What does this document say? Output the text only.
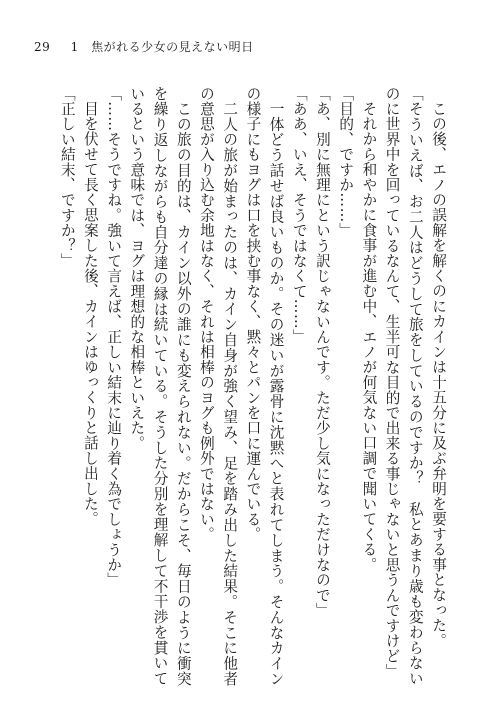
29 1 焦がれる少女の見えない明日

この後、エノの誤解を解くのにカインは十五分に及ぶ弁明を要する事となった。

「そういえば、お二人はどうして旅をしているのですか？　私とあまり歳も変わらないのに世界中を回っているなんて、生半可な目的で出来る事じゃないと思うんですけど」

それから和やかに食事が進む中、エノが何気ない口調で聞いてくる。

「目的、ですか……」

「あ、別に無理にという訳じゃないんです。ただ少し気になっただけなので」

「ああ、いえ、そうではなくて……」

一体どう話せば良いものか。その迷いが露骨に沈黙へと表れてしまう。そんなカインの様子にもヨグは口を挟む事なく、黙々とパンを口に運んでいる。

二人の旅が始まったのは、カイン自身が強く望み、足を踏み出した結果。そこに他者の意思が入り込む余地はなく、それは相棒のヨグも例外ではない。

この旅の目的は、カイン以外の誰にも変えられない。だからこそ、毎日のように衝突を繰り返しながらも自分達の縁は続いている。そうした分別を理解して不干渉を貫いているという意味では、ヨグは理想的な相棒といえた。

「……そうですね。強いて言えば、正しい結末に辿り着く為でしょうか」

目を伏せて長く思案した後、カインはゆっくりと話し出した。

「正しい結末、ですか？」
